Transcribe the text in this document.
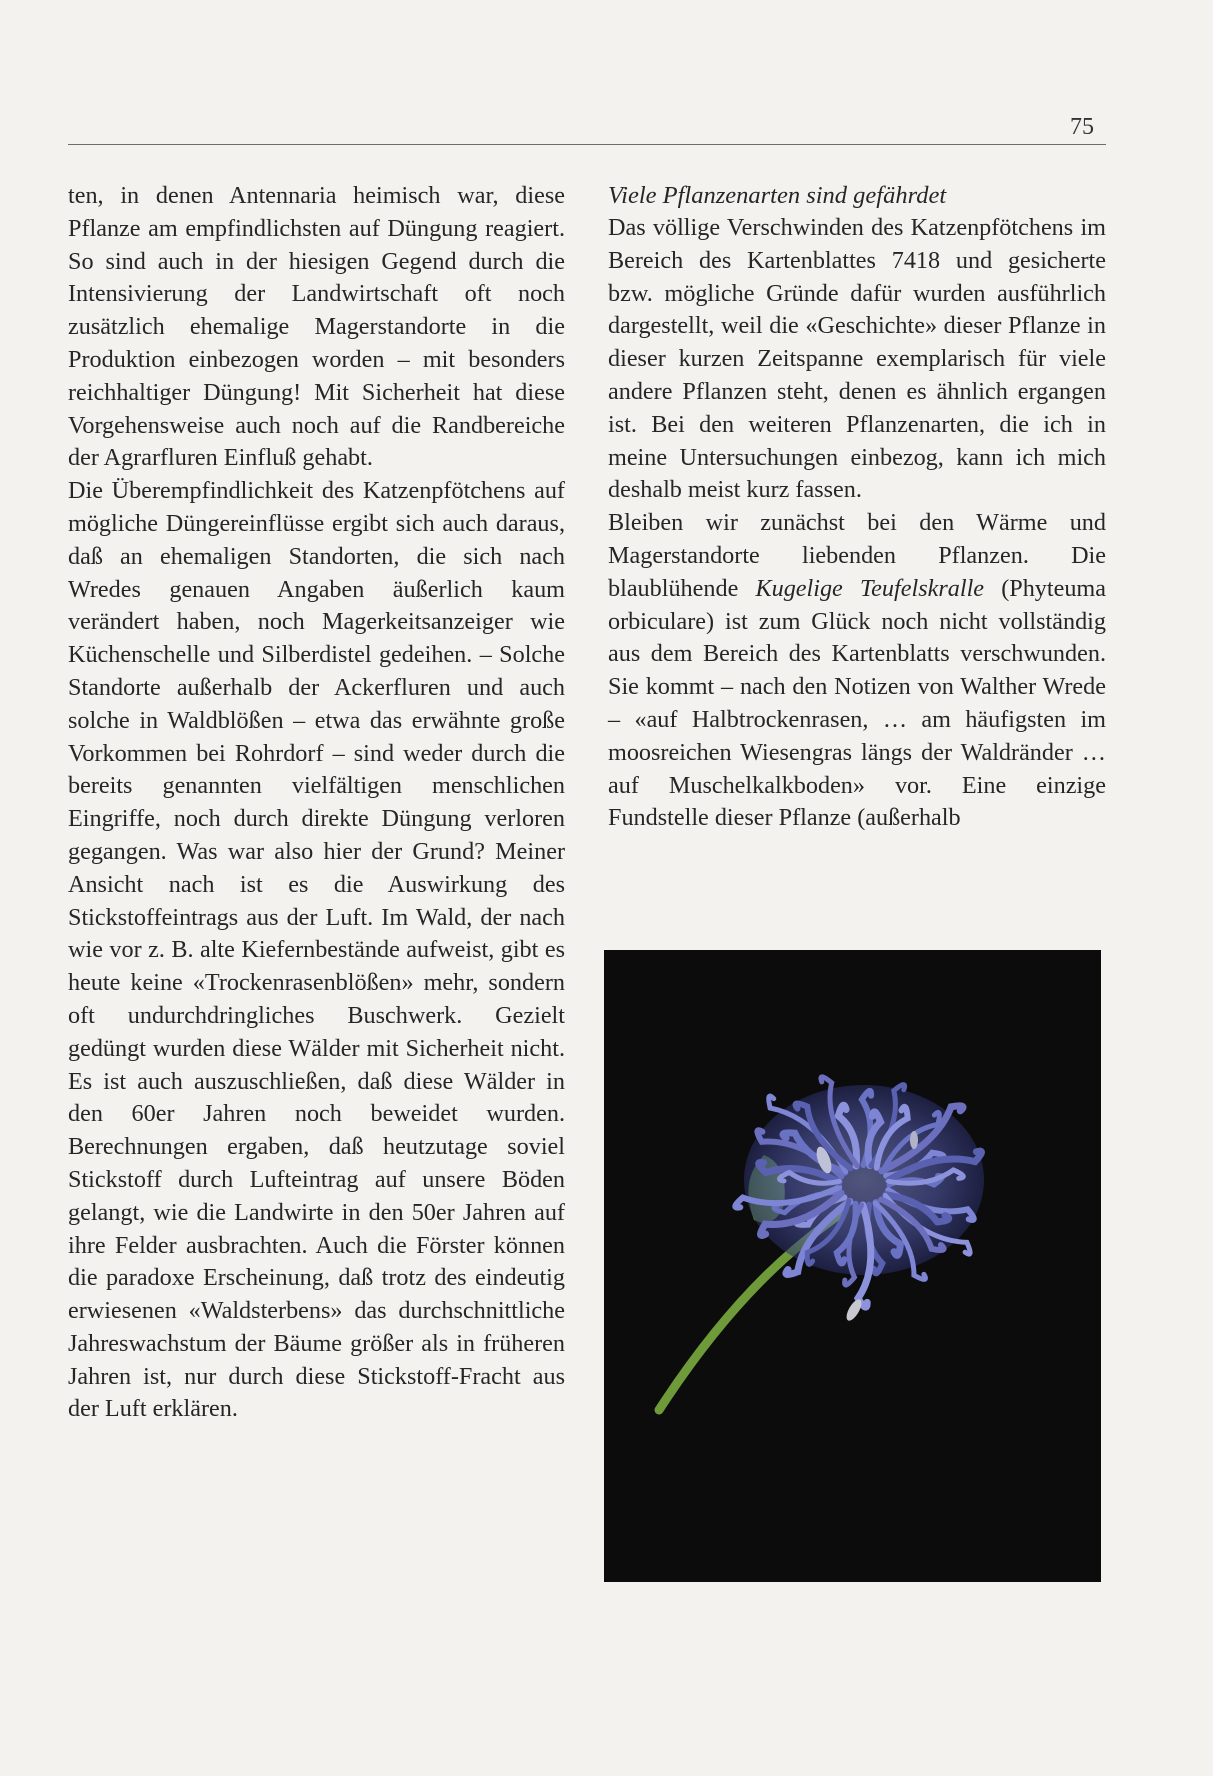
75

ten, in denen Antennaria heimisch war, diese Pflanze am empfindlichsten auf Düngung reagiert. So sind auch in der hiesigen Gegend durch die Intensivierung der Landwirtschaft oft noch zusätzlich ehemalige Magerstandorte in die Produktion einbezogen worden – mit besonders reichhaltiger Düngung! Mit Sicherheit hat diese Vorgehensweise auch noch auf die Randbereiche der Agrarfluren Einfluß gehabt.

Die Überempfindlichkeit des Katzenpfötchens auf mögliche Düngereinflüsse ergibt sich auch daraus, daß an ehemaligen Standorten, die sich nach Wredes genauen Angaben äußerlich kaum verändert haben, noch Magerkeitsanzeiger wie Küchenschelle und Silberdistel gedeihen. – Solche Standorte außerhalb der Ackerfluren und auch solche in Waldblößen – etwa das erwähnte große Vorkommen bei Rohrdorf – sind weder durch die bereits genannten vielfältigen menschlichen Eingriffe, noch durch direkte Düngung verloren gegangen. Was war also hier der Grund? Meiner Ansicht nach ist es die Auswirkung des Stickstoffeintrags aus der Luft. Im Wald, der nach wie vor z. B. alte Kiefernbestände aufweist, gibt es heute keine «Trockenrasenblößen» mehr, sondern oft undurchdringliches Buschwerk. Gezielt gedüngt wurden diese Wälder mit Sicherheit nicht. Es ist auch auszuschließen, daß diese Wälder in den 60er Jahren noch beweidet wurden. Berechnungen ergaben, daß heutzutage soviel Stickstoff durch Lufteintrag auf unsere Böden gelangt, wie die Landwirte in den 50er Jahren auf ihre Felder ausbrachten. Auch die Förster können die paradoxe Erscheinung, daß trotz des eindeutig erwiesenen «Waldsterbens» das durchschnittliche Jahreswachstum der Bäume größer als in früheren Jahren ist, nur durch diese Stickstoff-Fracht aus der Luft erklären.

Viele Pflanzenarten sind gefährdet

Das völlige Verschwinden des Katzenpfötchens im Bereich des Kartenblattes 7418 und gesicherte bzw. mögliche Gründe dafür wurden ausführlich dargestellt, weil die «Geschichte» dieser Pflanze in dieser kurzen Zeitspanne exemplarisch für viele andere Pflanzen steht, denen es ähnlich ergangen ist. Bei den weiteren Pflanzenarten, die ich in meine Untersuchungen einbezog, kann ich mich deshalb meist kurz fassen.

Bleiben wir zunächst bei den Wärme und Magerstandorte liebenden Pflanzen. Die blaublühende Kugelige Teufelskralle (Phyteuma orbiculare) ist zum Glück noch nicht vollständig aus dem Bereich des Kartenblatts verschwunden. Sie kommt – nach den Notizen von Walther Wrede – «auf Halbtrockenrasen, … am häufigsten im moosreichen Wiesengras längs der Waldränder … auf Muschelkalkboden» vor. Eine einzige Fundstelle dieser Pflanze (außerhalb
